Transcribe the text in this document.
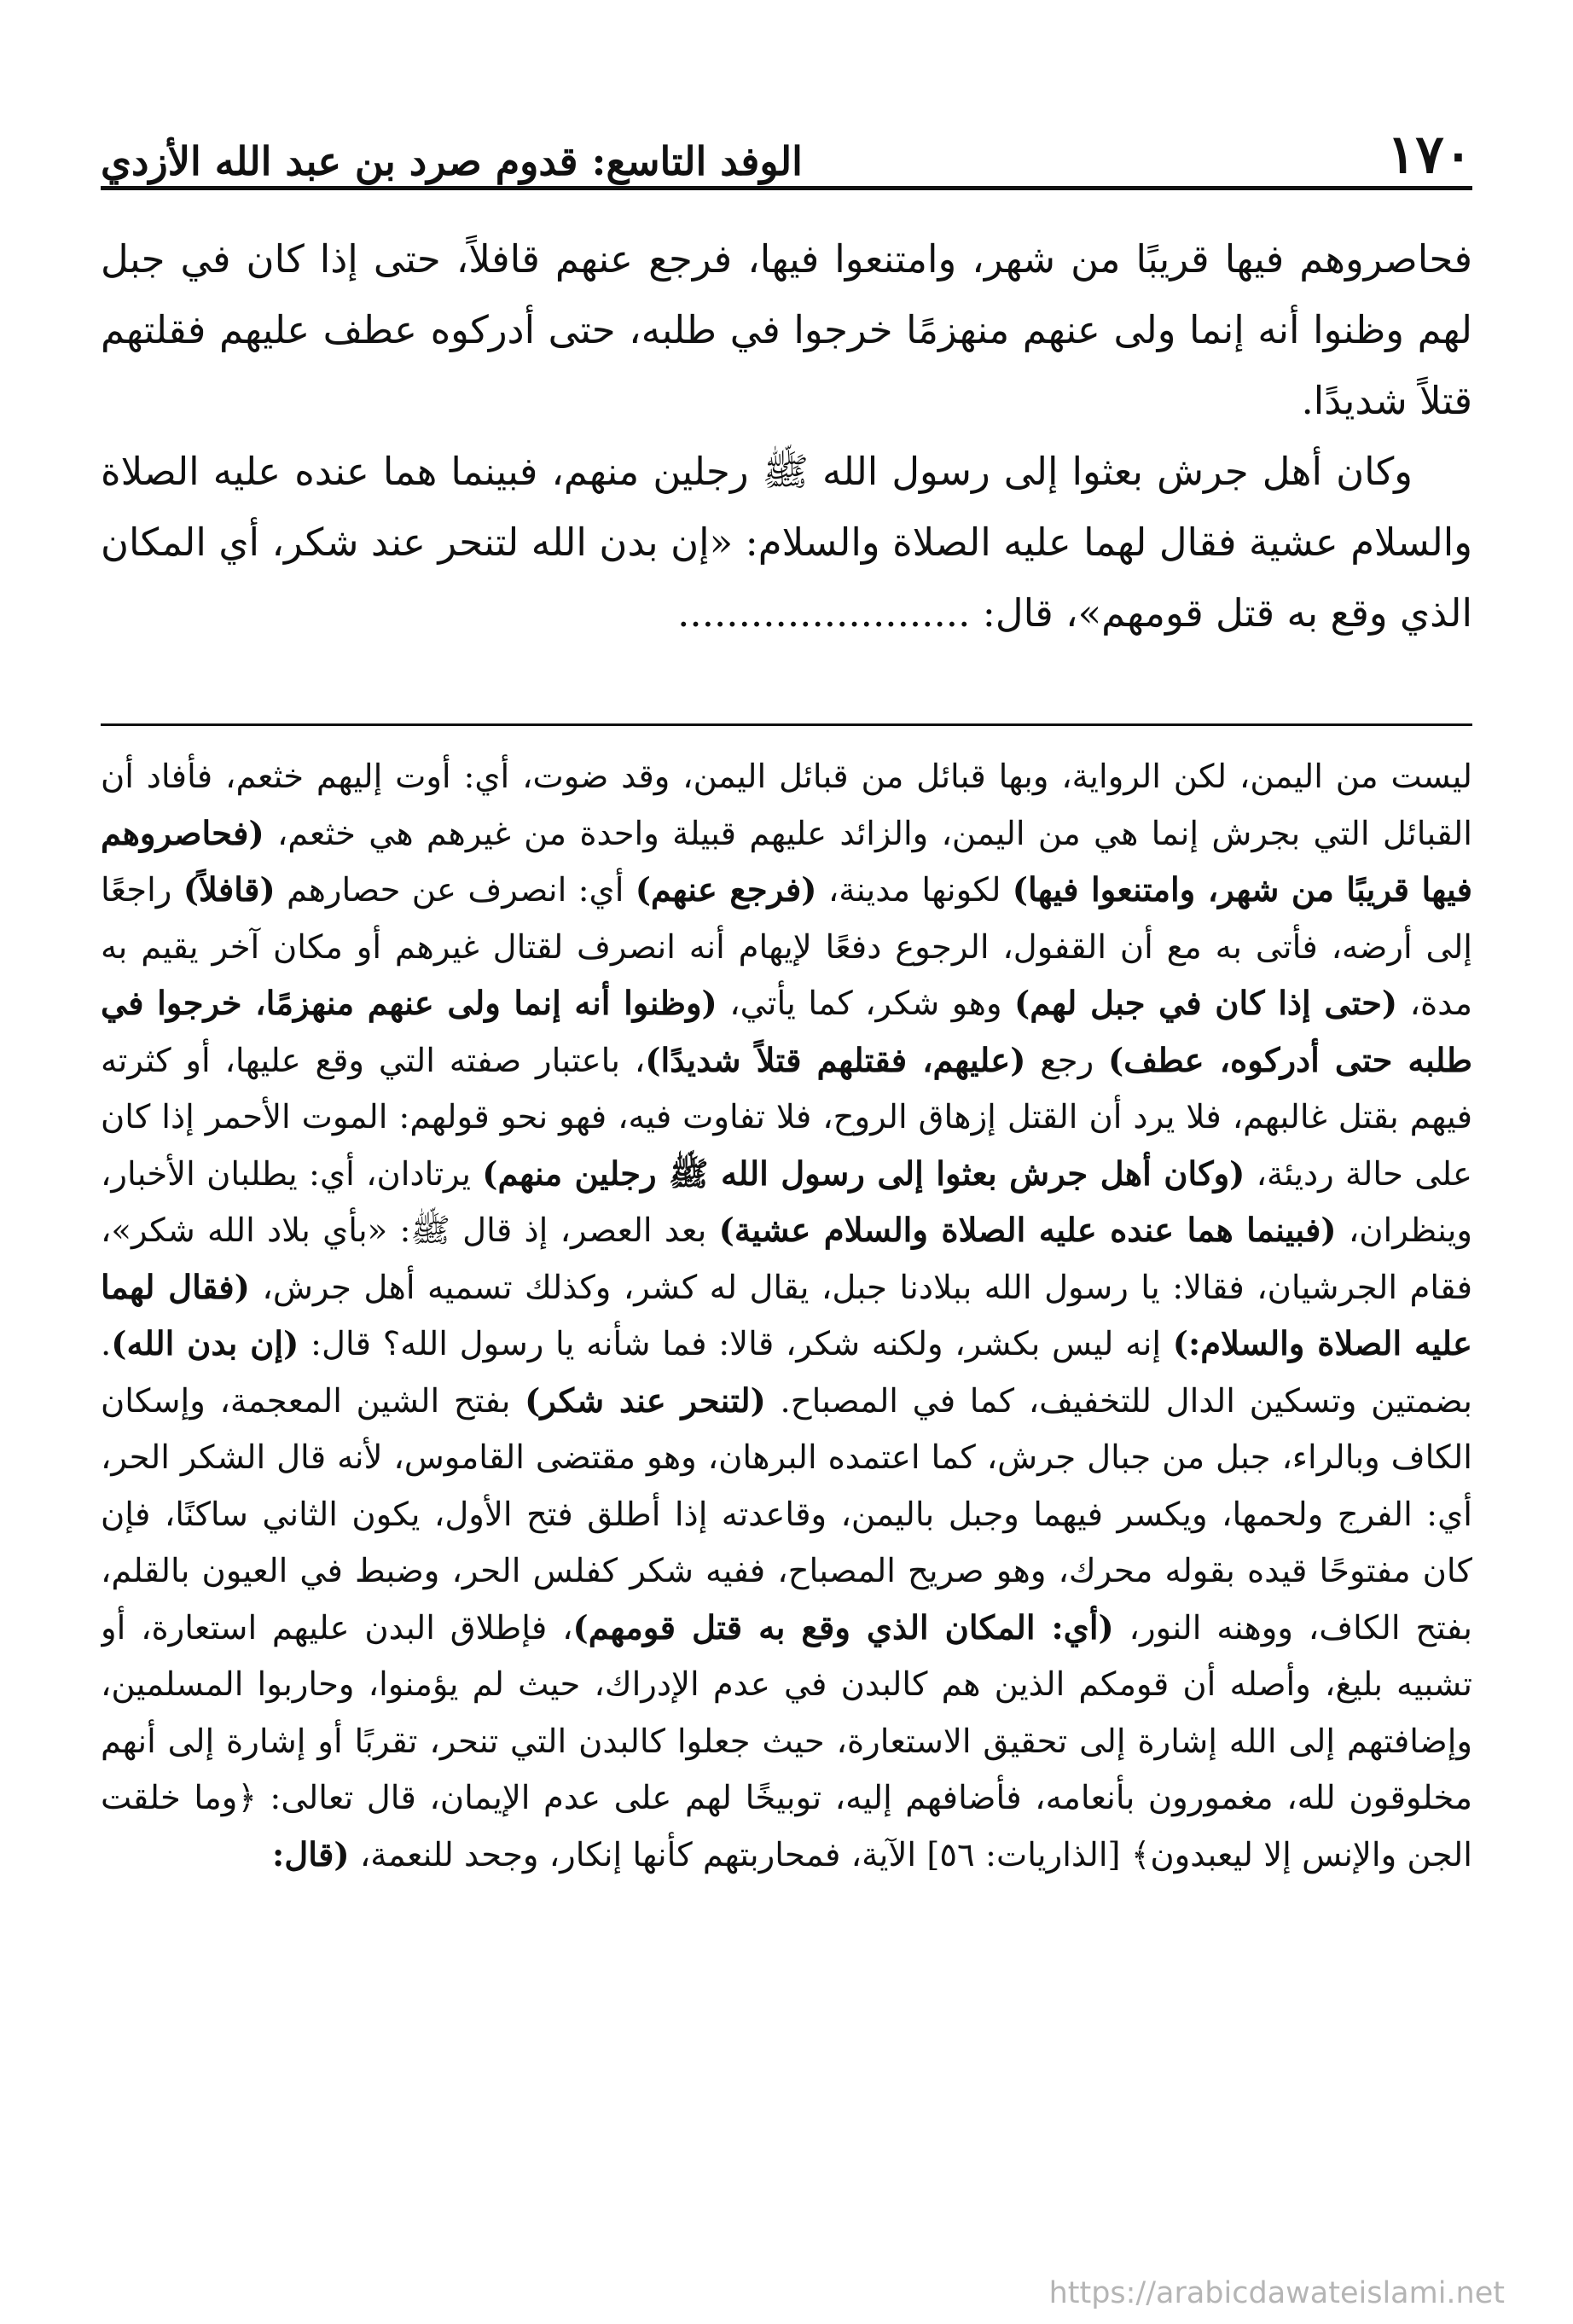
١٧٠
الوفد التاسع: قدوم صرد بن عبد الله الأزدي

فحاصروهم فيها قريبًا من شهر، وامتنعوا فيها، فرجع عنهم قافلاً، حتى إذا كان في جبل لهم وظنوا أنه إنما ولى عنهم منهزمًا خرجوا في طلبه، حتى أدركوه عطف عليهم فقلتهم قتلاً شديدًا.

وكان أهل جرش بعثوا إلى رسول الله ﷺ رجلين منهم، فبينما هما عنده عليه الصلاة والسلام عشية فقال لهما عليه الصلاة والسلام: «إن بدن الله لتنحر عند شكر، أي المكان الذي وقع به قتل قومهم»، قال: ........................

ليست من اليمن، لكن الرواية، وبها قبائل من قبائل اليمن، وقد ضوت، أي: أوت إليهم خثعم، فأفاد أن القبائل التي بجرش إنما هي من اليمن، والزائد عليهم قبيلة واحدة من غيرهم هي خثعم، (فحاصروهم فيها قريبًا من شهر، وامتنعوا فيها) لكونها مدينة، (فرجع عنهم) أي: انصرف عن حصارهم (قافلاً) راجعًا إلى أرضه، فأتى به مع أن القفول، الرجوع دفعًا لإيهام أنه انصرف لقتال غيرهم أو مكان آخر يقيم به مدة، (حتى إذا كان في جبل لهم) وهو شكر، كما يأتي، (وظنوا أنه إنما ولى عنهم منهزمًا، خرجوا في طلبه حتى أدركوه، عطف) رجع (عليهم، فقتلهم قتلاً شديدًا)، باعتبار صفته التي وقع عليها، أو كثرته فيهم بقتل غالبهم، فلا يرد أن القتل إزهاق الروح، فلا تفاوت فيه، فهو نحو قولهم: الموت الأحمر إذا كان على حالة رديئة، (وكان أهل جرش بعثوا إلى رسول الله ﷺ رجلين منهم) يرتادان، أي: يطلبان الأخبار، وينظران، (فبينما هما عنده عليه الصلاة والسلام عشية) بعد العصر، إذ قال ﷺ: «بأي بلاد الله شكر»، فقام الجرشيان، فقالا: يا رسول الله ببلادنا جبل، يقال له كشر، وكذلك تسميه أهل جرش، (فقال لهما عليه الصلاة والسلام:) إنه ليس بكشر، ولكنه شكر، قالا: فما شأنه يا رسول الله؟ قال: (إن بدن الله). بضمتين وتسكين الدال للتخفيف، كما في المصباح. (لتنحر عند شكر) بفتح الشين المعجمة، وإسكان الكاف وبالراء، جبل من جبال جرش، كما اعتمده البرهان، وهو مقتضى القاموس، لأنه قال الشكر الحر، أي: الفرج ولحمها، ويكسر فيهما وجبل باليمن، وقاعدته إذا أطلق فتح الأول، يكون الثاني ساكنًا، فإن كان مفتوحًا قيده بقوله محرك، وهو صريح المصباح، ففيه شكر كفلس الحر، وضبط في العيون بالقلم، بفتح الكاف، ووهنه النور، (أي: المكان الذي وقع به قتل قومهم)، فإطلاق البدن عليهم استعارة، أو تشبيه بليغ، وأصله أن قومكم الذين هم كالبدن في عدم الإدراك، حيث لم يؤمنوا، وحاربوا المسلمين، وإضافتهم إلى الله إشارة إلى تحقيق الاستعارة، حيث جعلوا كالبدن التي تنحر، تقربًا أو إشارة إلى أنهم مخلوقون لله، مغمورون بأنعامه، فأضافهم إليه، توبيخًا لهم على عدم الإيمان، قال تعالى: ﴿وما خلقت الجن والإنس إلا ليعبدون﴾ [الذاريات: ٥٦] الآية، فمحاربتهم كأنها إنكار، وجحد للنعمة، (قال:
https://arabicdawateislami.net
